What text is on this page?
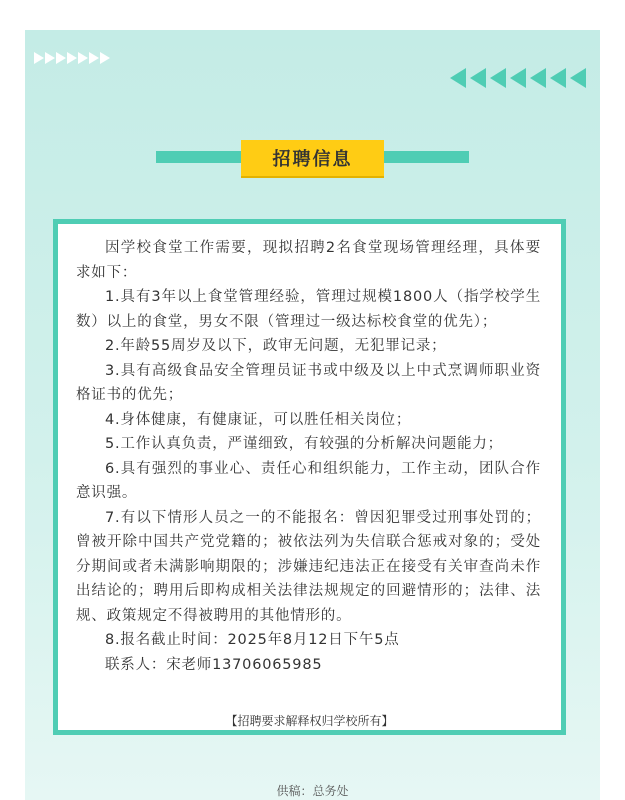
招聘信息

因学校食堂工作需要，现拟招聘2名食堂现场管理经理，具体要求如下：

1.具有3年以上食堂管理经验，管理过规模1800人（指学校学生数）以上的食堂，男女不限（管理过一级达标校食堂的优先）；

2.年龄55周岁及以下，政审无问题，无犯罪记录；

3.具有高级食品安全管理员证书或中级及以上中式烹调师职业资格证书的优先；

4.身体健康，有健康证，可以胜任相关岗位；

5.工作认真负责，严谨细致，有较强的分析解决问题能力；

6.具有强烈的事业心、责任心和组织能力，工作主动，团队合作意识强。

7.有以下情形人员之一的不能报名：曾因犯罪受过刑事处罚的；曾被开除中国共产党党籍的；被依法列为失信联合惩戒对象的；受处分期间或者未满影响期限的；涉嫌违纪违法正在接受有关审查尚未作出结论的；聘用后即构成相关法律法规规定的回避情形的；法律、法规、政策规定不得被聘用的其他情形的。

8.报名截止时间：2025年8月12日下午5点

联系人：宋老师13706065985

【招聘要求解释权归学校所有】
供稿：总务处
